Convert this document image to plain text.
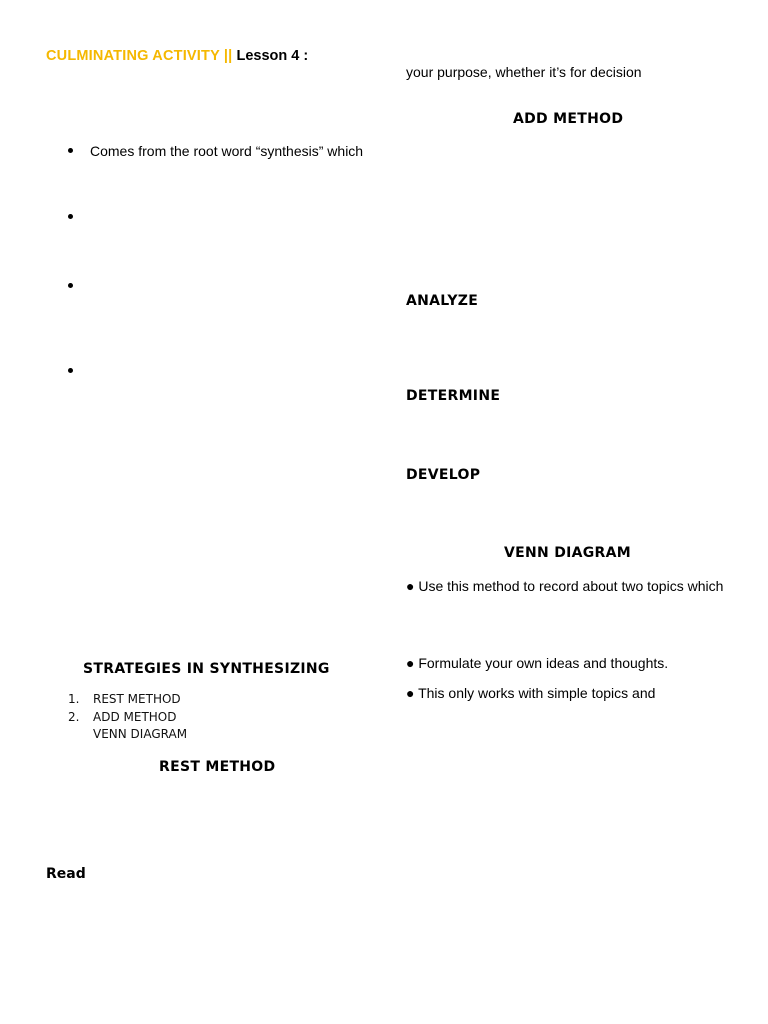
CULMINATING ACTIVITY || Lesson 4 :
Comes from the root word “synthesis” which
STRATEGIES IN SYNTHESIZING
1. REST METHOD
2. ADD METHOD
VENN DIAGRAM
REST METHOD
Read
your purpose, whether it’s for decision
ADD METHOD
ANALYZE
DETERMINE
DEVELOP
VENN DIAGRAM
● Use this method to record about two topics which
● Formulate your own ideas and thoughts.
● This only works with simple topics and
